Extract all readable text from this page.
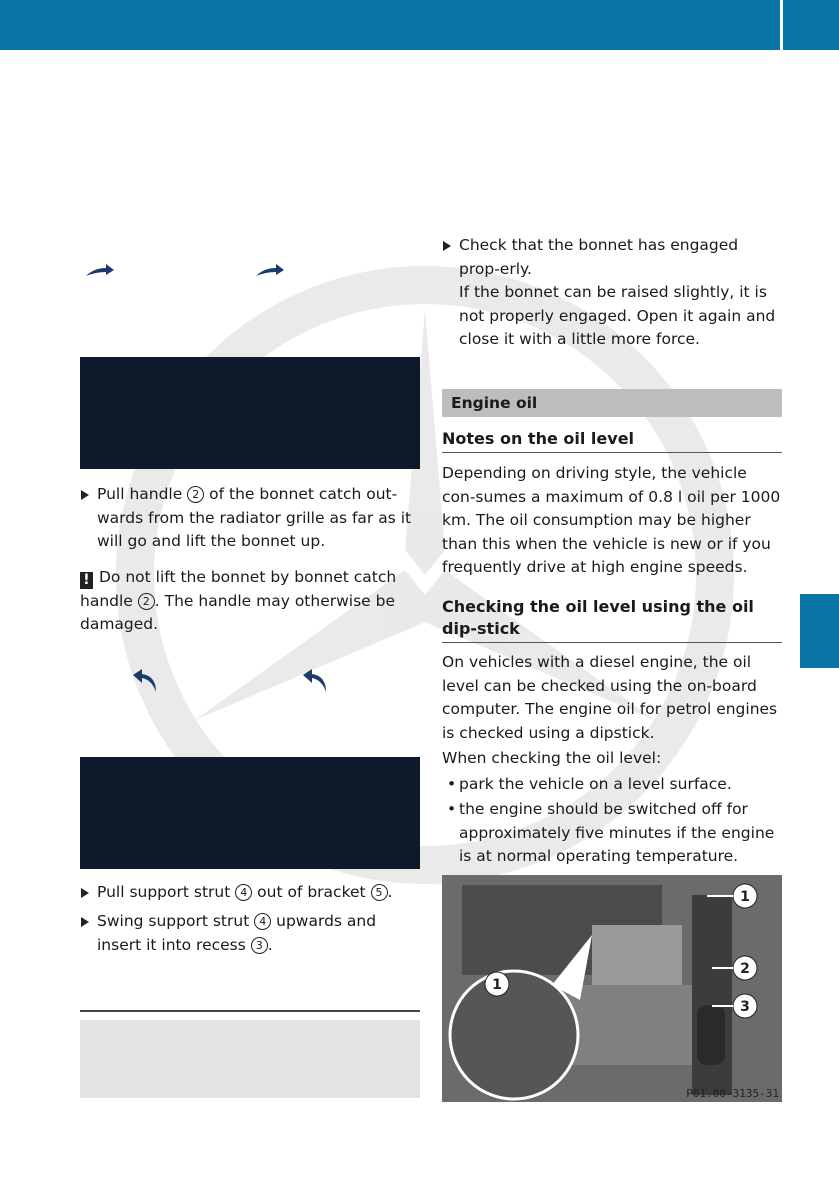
Pull handle 2 of the bonnet catch out-wards from the radiator grille as far as it will go and lift the bonnet up.
! Do not lift the bonnet by bonnet catch handle 2 . The handle may otherwise be damaged.
Pull support strut 4 out of bracket 5 .
Swing support strut 4 upwards and insert it into recess 3 .
Check that the bonnet has engaged prop-erly.
If the bonnet can be raised slightly, it is not properly engaged. Open it again and close it with a little more force.
Engine oil
Notes on the oil level
Depending on driving style, the vehicle con-sumes a maximum of 0.8 l oil per 1000 km. The oil consumption may be higher than this when the vehicle is new or if you frequently drive at high engine speeds.
Checking the oil level using the oil dip-stick
On vehicles with a diesel engine, the oil level can be checked using the on-board computer. The engine oil for petrol engines is checked using a dipstick.
When checking the oil level:
• park the vehicle on a level surface.
• the engine should be switched off for approximately five minutes if the engine is at normal operating temperature.
1
2
3
1
P01.00-3135-31
